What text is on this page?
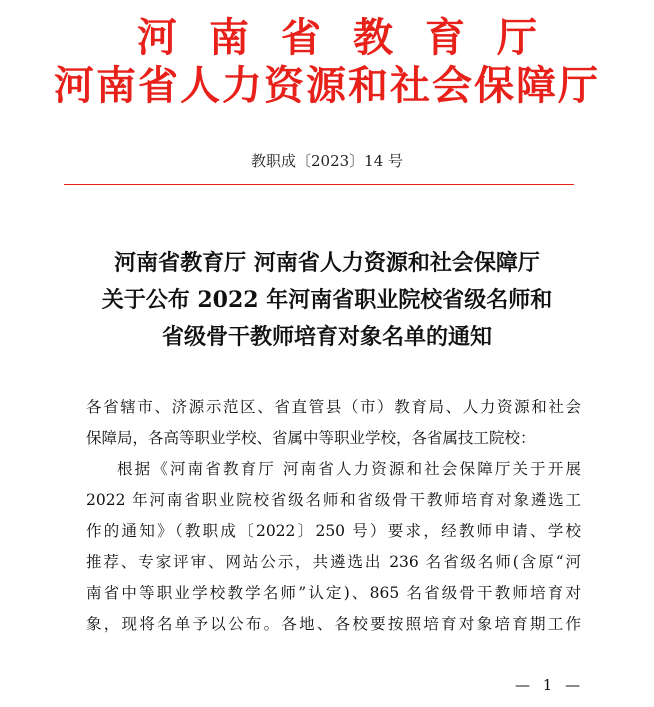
河南省教育厅
河南省人力资源和社会保障厅
教职成〔2023〕14 号
河南省教育厅 河南省人力资源和社会保障厅
关于公布 2022 年河南省职业院校省级名师和
省级骨干教师培育对象名单的通知
各省辖市、济源示范区、省直管县（市）教育局、人力资源和社会
保障局，各高等职业学校、省属中等职业学校，各省属技工院校：
根据《河南省教育厅 河南省人力资源和社会保障厅关于开展
2022 年河南省职业院校省级名师和省级骨干教师培育对象遴选工
作的通知》（教职成〔2022〕250 号）要求，经教师申请、学校
推荐、专家评审、网站公示，共遴选出 236 名省级名师(含原“河
南省中等职业学校教学名师”认定)、865 名省级骨干教师培育对
象，现将名单予以公布。各地、各校要按照培育对象培育期工作
— 1 —
